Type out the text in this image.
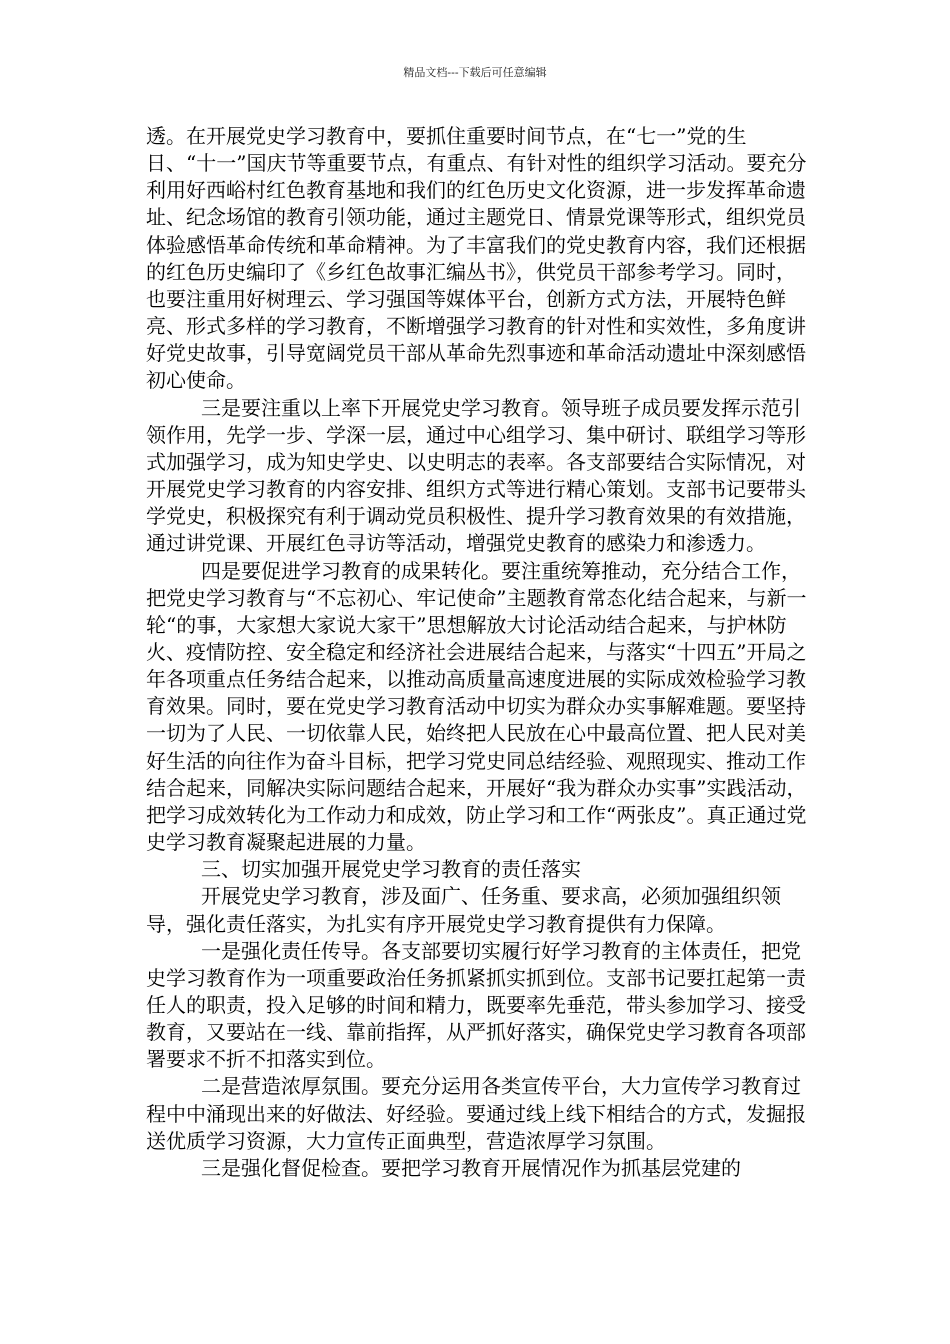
精品文档---下载后可任意编辑

透。在开展党史学习教育中，要抓住重要时间节点，在“七一”党的生日、“十一”国庆节等重要节点，有重点、有针对性的组织学习活动。要充分利用好西峪村红色教育基地和我们的红色历史文化资源，进一步发挥革命遗址、纪念场馆的教育引领功能，通过主题党日、情景党课等形式，组织党员体验感悟革命传统和革命精神。为了丰富我们的党史教育内容，我们还根据的红色历史编印了《乡红色故事汇编丛书》，供党员干部参考学习。同时，也要注重用好树理云、学习强国等媒体平台，创新方式方法，开展特色鲜亮、形式多样的学习教育，不断增强学习教育的针对性和实效性，多角度讲好党史故事，引导宽阔党员干部从革命先烈事迹和革命活动遗址中深刻感悟初心使命。

三是要注重以上率下开展党史学习教育。领导班子成员要发挥示范引领作用，先学一步、学深一层，通过中心组学习、集中研讨、联组学习等形式加强学习，成为知史学史、以史明志的表率。各支部要结合实际情况，对开展党史学习教育的内容安排、组织方式等进行精心策划。支部书记要带头学党史，积极探究有利于调动党员积极性、提升学习教育效果的有效措施，通过讲党课、开展红色寻访等活动，增强党史教育的感染力和渗透力。

四是要促进学习教育的成果转化。要注重统筹推动，充分结合工作，把党史学习教育与“不忘初心、牢记使命”主题教育常态化结合起来，与新一轮“的事，大家想大家说大家干”思想解放大讨论活动结合起来，与护林防火、疫情防控、安全稳定和经济社会进展结合起来，与落实“十四五”开局之年各项重点任务结合起来，以推动高质量高速度进展的实际成效检验学习教育效果。同时，要在党史学习教育活动中切实为群众办实事解难题。要坚持一切为了人民、一切依靠人民，始终把人民放在心中最高位置、把人民对美好生活的向往作为奋斗目标，把学习党史同总结经验、观照现实、推动工作结合起来，同解决实际问题结合起来，开展好“我为群众办实事”实践活动，把学习成效转化为工作动力和成效，防止学习和工作“两张皮”。真正通过党史学习教育凝聚起进展的力量。

三、切实加强开展党史学习教育的责任落实

开展党史学习教育，涉及面广、任务重、要求高，必须加强组织领导，强化责任落实，为扎实有序开展党史学习教育提供有力保障。

一是强化责任传导。各支部要切实履行好学习教育的主体责任，把党史学习教育作为一项重要政治任务抓紧抓实抓到位。支部书记要扛起第一责任人的职责，投入足够的时间和精力，既要率先垂范，带头参加学习、接受教育，又要站在一线、靠前指挥，从严抓好落实，确保党史学习教育各项部署要求不折不扣落实到位。

二是营造浓厚氛围。要充分运用各类宣传平台，大力宣传学习教育过程中中涌现出来的好做法、好经验。要通过线上线下相结合的方式，发掘报送优质学习资源，大力宣传正面典型，营造浓厚学习氛围。

三是强化督促检查。要把学习教育开展情况作为抓基层党建的
